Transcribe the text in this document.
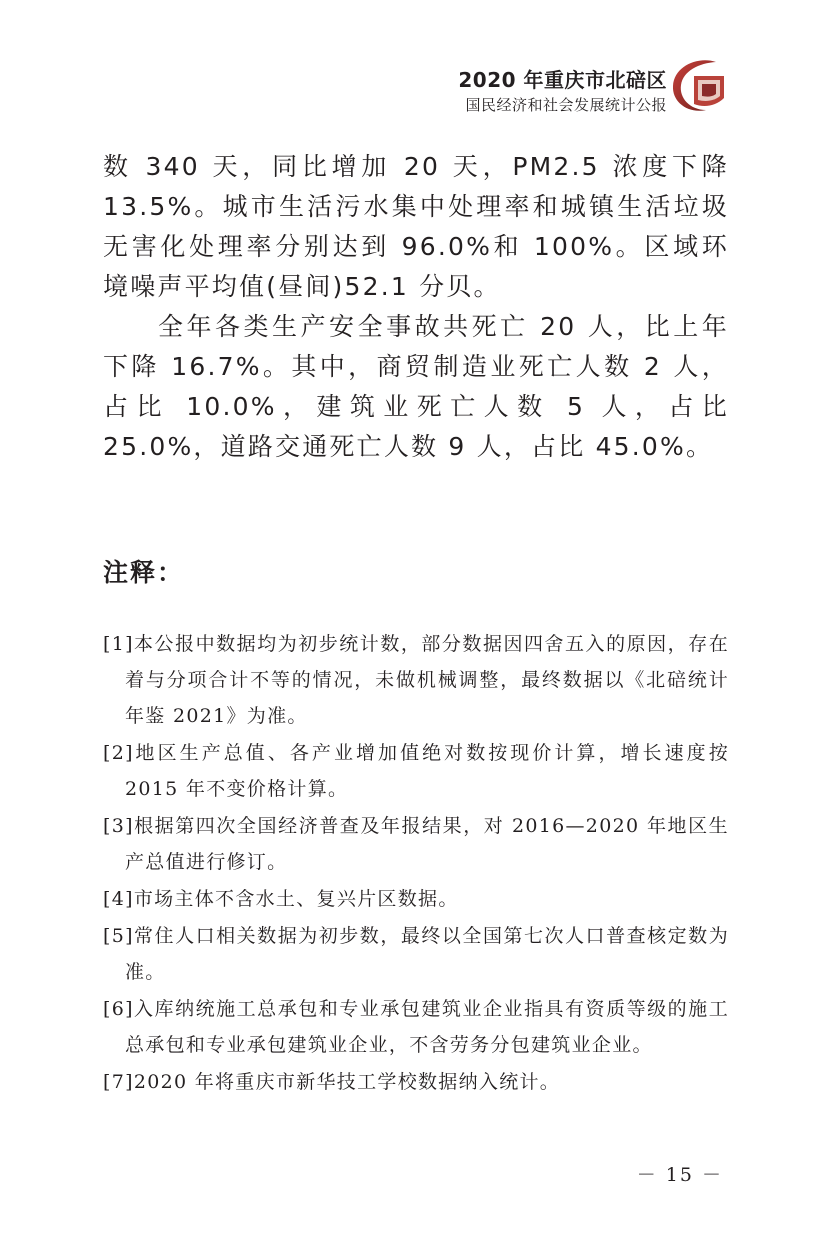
2020 年重庆市北碚区
国民经济和社会发展统计公报

数 340 天，同比增加 20 天，PM2.5 浓度下降 13.5%。城市生活污水集中处理率和城镇生活垃圾无害化处理率分别达到 96.0%和 100%。区域环境噪声平均值(昼间)52.1 分贝。

全年各类生产安全事故共死亡 20 人，比上年下降 16.7%。其中，商贸制造业死亡人数 2 人，占比 10.0%，建筑业死亡人数 5 人，占比 25.0%，道路交通死亡人数 9 人，占比 45.0%。

注释：

[1]本公报中数据均为初步统计数，部分数据因四舍五入的原因，存在着与分项合计不等的情况，未做机械调整，最终数据以《北碚统计年鉴 2021》为准。

[2]地区生产总值、各产业增加值绝对数按现价计算，增长速度按 2015 年不变价格计算。

[3]根据第四次全国经济普查及年报结果，对 2016—2020 年地区生产总值进行修订。

[4]市场主体不含水土、复兴片区数据。

[5]常住人口相关数据为初步数，最终以全国第七次人口普查核定数为准。

[6]入库纳统施工总承包和专业承包建筑业企业指具有资质等级的施工总承包和专业承包建筑业企业，不含劳务分包建筑业企业。

[7]2020 年将重庆市新华技工学校数据纳入统计。

－ 15 －
